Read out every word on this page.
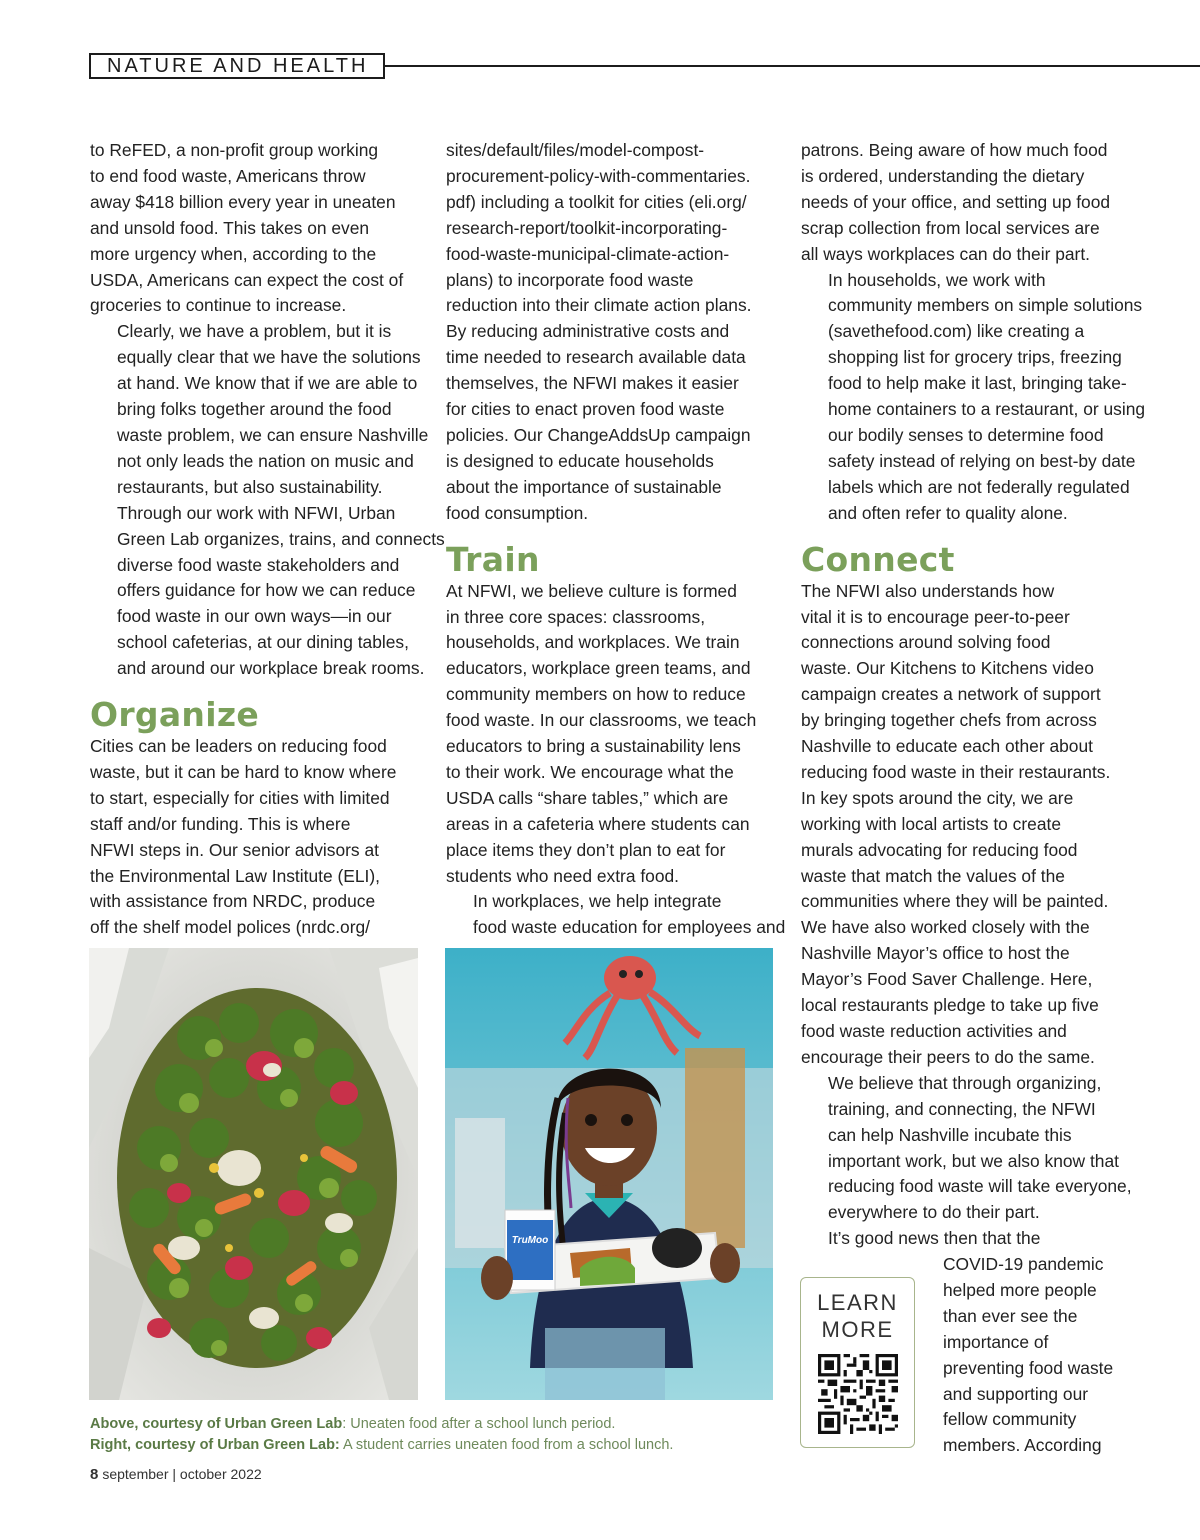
NATURE AND HEALTH

to ReFED, a non-profit group working
to end food waste, Americans throw
away $418 billion every year in uneaten
and unsold food. This takes on even
more urgency when, according to the
USDA, Americans can expect the cost of
groceries to continue to increase.

Clearly, we have a problem, but it is
equally clear that we have the solutions
at hand. We know that if we are able to
bring folks together around the food
waste problem, we can ensure Nashville
not only leads the nation on music and
restaurants, but also sustainability.

Through our work with NFWI, Urban
Green Lab organizes, trains, and connects
diverse food waste stakeholders and
offers guidance for how we can reduce
food waste in our own ways—in our
school cafeterias, at our dining tables,
and around our workplace break rooms.

Organize

Cities can be leaders on reducing food
waste, but it can be hard to know where
to start, especially for cities with limited
staff and/or funding. This is where
NFWI steps in. Our senior advisors at
the Environmental Law Institute (ELI),
with assistance from NRDC, produce
off the shelf model polices (nrdc.org/

sites/default/files/model-compost-
procurement-policy-with-commentaries.
pdf) including a toolkit for cities (eli.org/
research-report/toolkit-incorporating-
food-waste-municipal-climate-action-
plans) to incorporate food waste
reduction into their climate action plans.
By reducing administrative costs and
time needed to research available data
themselves, the NFWI makes it easier
for cities to enact proven food waste
policies. Our ChangeAddsUp campaign
is designed to educate households
about the importance of sustainable
food consumption.

Train

At NFWI, we believe culture is formed
in three core spaces: classrooms,
households, and workplaces. We train
educators, workplace green teams, and
community members on how to reduce
food waste. In our classrooms, we teach
educators to bring a sustainability lens
to their work. We encourage what the
USDA calls “share tables,” which are
areas in a cafeteria where students can
place items they don’t plan to eat for
students who need extra food.

In workplaces, we help integrate
food waste education for employees and

patrons. Being aware of how much food
is ordered, understanding the dietary
needs of your office, and setting up food
scrap collection from local services are
all ways workplaces can do their part.

In households, we work with
community members on simple solutions
(savethefood.com) like creating a
shopping list for grocery trips, freezing
food to help make it last, bringing take-
home containers to a restaurant, or using
our bodily senses to determine food
safety instead of relying on best-by date
labels which are not federally regulated
and often refer to quality alone.

Connect

The NFWI also understands how
vital it is to encourage peer-to-peer
connections around solving food
waste. Our Kitchens to Kitchens video
campaign creates a network of support
by bringing together chefs from across
Nashville to educate each other about
reducing food waste in their restaurants.
In key spots around the city, we are
working with local artists to create
murals advocating for reducing food
waste that match the values of the
communities where they will be painted.
We have also worked closely with the
Nashville Mayor’s office to host the
Mayor’s Food Saver Challenge. Here,
local restaurants pledge to take up five
food waste reduction activities and
encourage their peers to do the same.

We believe that through organizing,
training, and connecting, the NFWI
can help Nashville incubate this
important work, but we also know that
reducing food waste will take everyone,
everywhere to do their part.

It’s good news then that the

COVID-19 pandemic
helped more people
than ever see the
importance of
preventing food waste
and supporting our
fellow community
members. According
LEARN
MORE
TruMoo
Above, courtesy of Urban Green Lab: Uneaten food after a school lunch period.
Right, courtesy of Urban Green Lab: A student carries uneaten food from a school lunch.
8 september | october 2022
